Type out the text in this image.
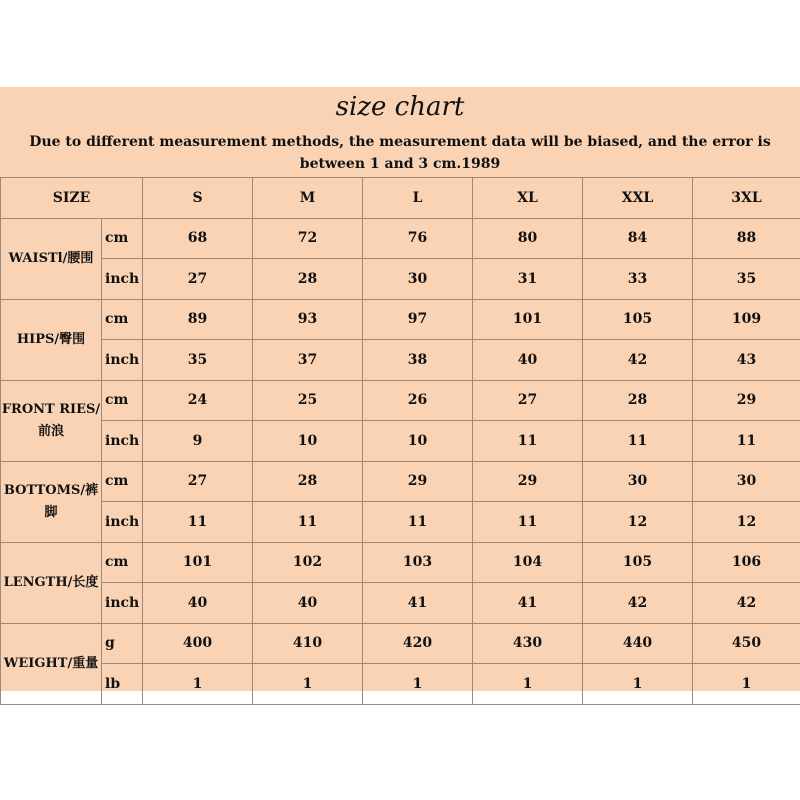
size chart
Due to different measurement methods, the measurement data will be biased, and the error is between 1 and 3 cm.1989
SIZE		S	M	L	XL	XXL	3XL
WAISTl/腰围	cm	68	72	76	80	84	88
	inch	27	28	30	31	33	35
HIPS/臀围	cm	89	93	97	101	105	109
	inch	35	37	38	40	42	43
FRONT RIES/前浪	cm	24	25	26	27	28	29
	inch	9	10	10	11	11	11
BOTTOMS/裤脚	cm	27	28	29	29	30	30
	inch	11	11	11	11	12	12
LENGTH/长度	cm	101	102	103	104	105	106
	inch	40	40	41	41	42	42
WEIGHT/重量	g	400	410	420	430	440	450
	lb	1	1	1	1	1	1
